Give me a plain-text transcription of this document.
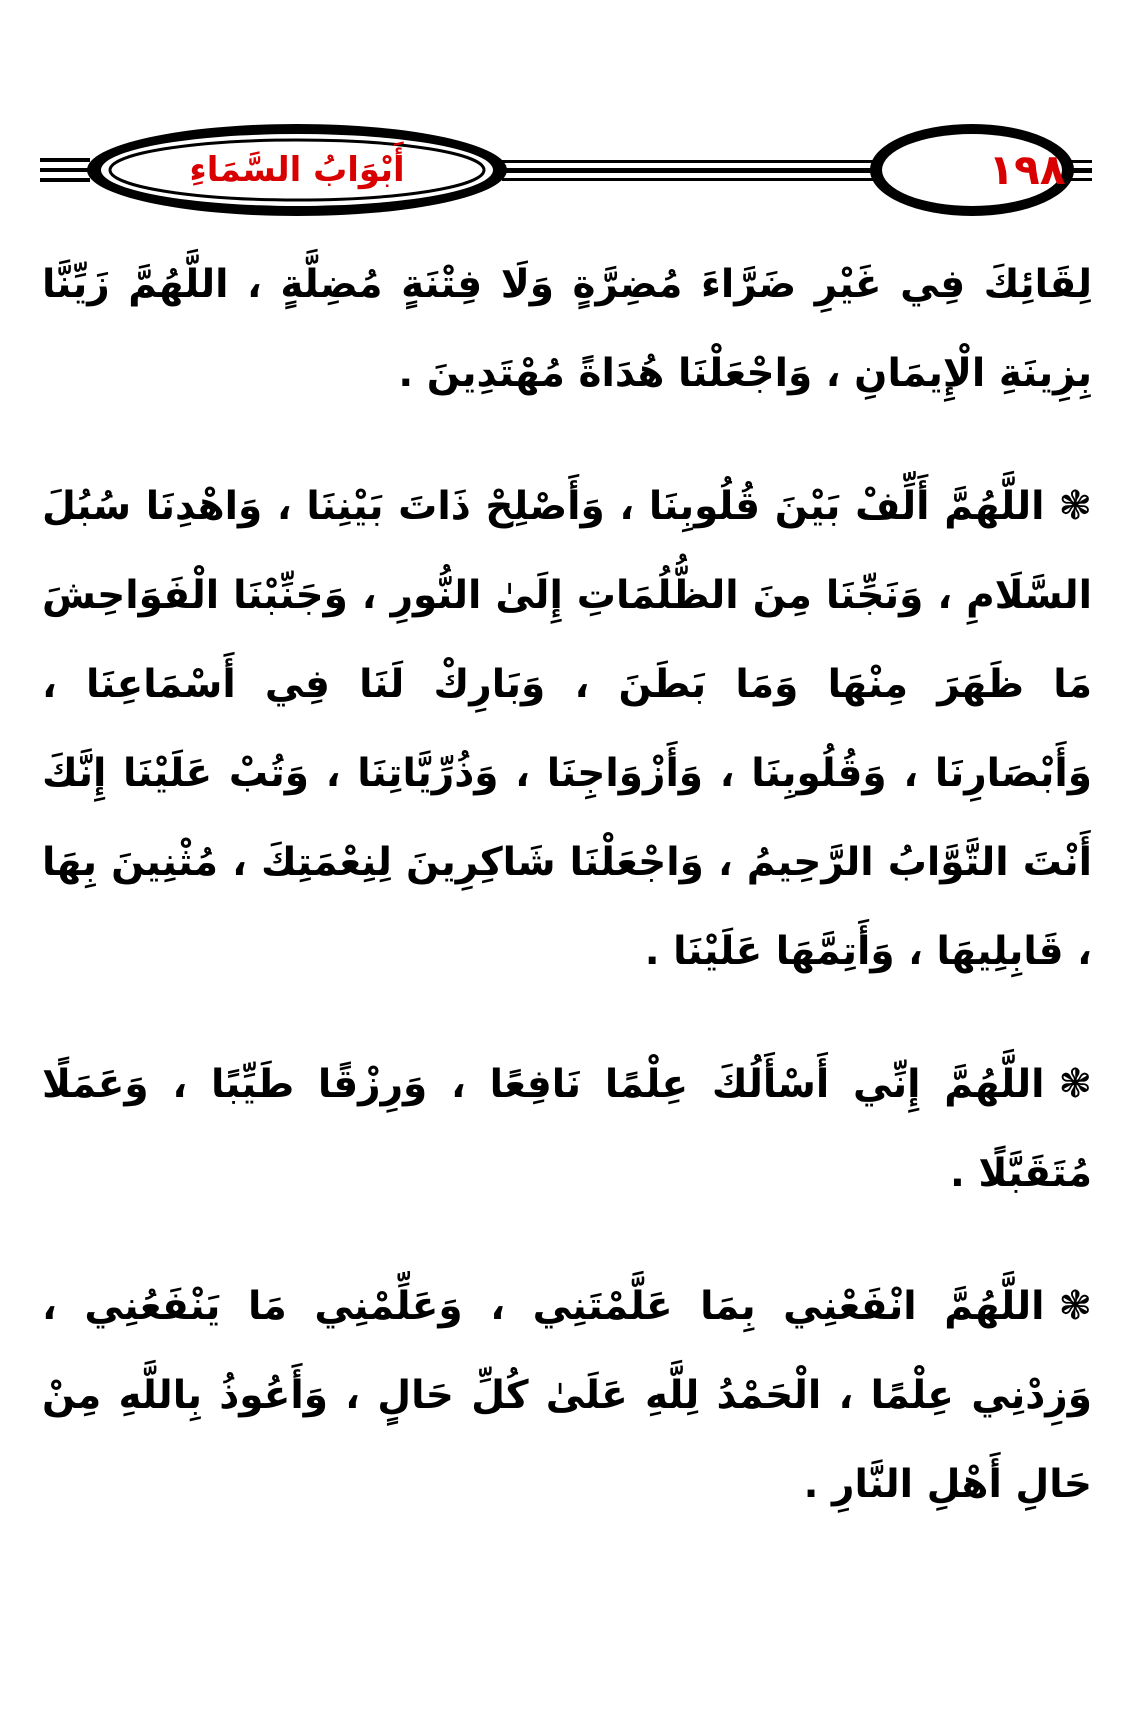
١٩٨
أَبْوَابُ السَّمَاءِ

لِقَائِكَ فِي غَيْرِ ضَرَّاءَ مُضِرَّةٍ وَلَا فِتْنَةٍ مُضِلَّةٍ ، اللَّهُمَّ زَيِّنَّا بِزِينَةِ الْإِيمَانِ ، وَاجْعَلْنَا هُدَاةً مُهْتَدِينَ .

❃اللَّهُمَّ أَلِّفْ بَيْنَ قُلُوبِنَا ، وَأَصْلِحْ ذَاتَ بَيْنِنَا ، وَاهْدِنَا سُبُلَ السَّلَامِ ، وَنَجِّنَا مِنَ الظُّلُمَاتِ إِلَىٰ النُّورِ ، وَجَنِّبْنَا الْفَوَاحِشَ مَا ظَهَرَ مِنْهَا وَمَا بَطَنَ ، وَبَارِكْ لَنَا فِي أَسْمَاعِنَا ، وَأَبْصَارِنَا ، وَقُلُوبِنَا ، وَأَزْوَاجِنَا ، وَذُرِّيَّاتِنَا ، وَتُبْ عَلَيْنَا إِنَّكَ أَنْتَ التَّوَّابُ الرَّحِيمُ ، وَاجْعَلْنَا شَاكِرِينَ لِنِعْمَتِكَ ، مُثْنِينَ بِهَا ، قَابِلِيهَا ، وَأَتِمَّهَا عَلَيْنَا .

❃اللَّهُمَّ إِنِّي أَسْأَلُكَ عِلْمًا نَافِعًا ، وَرِزْقًا طَيِّبًا ، وَعَمَلًا مُتَقَبَّلًا .

❃اللَّهُمَّ انْفَعْنِي بِمَا عَلَّمْتَنِي ، وَعَلِّمْنِي مَا يَنْفَعُنِي ، وَزِدْنِي عِلْمًا ، الْحَمْدُ لِلَّهِ عَلَىٰ كُلِّ حَالٍ ، وَأَعُوذُ بِاللَّهِ مِنْ حَالِ أَهْلِ النَّارِ .
